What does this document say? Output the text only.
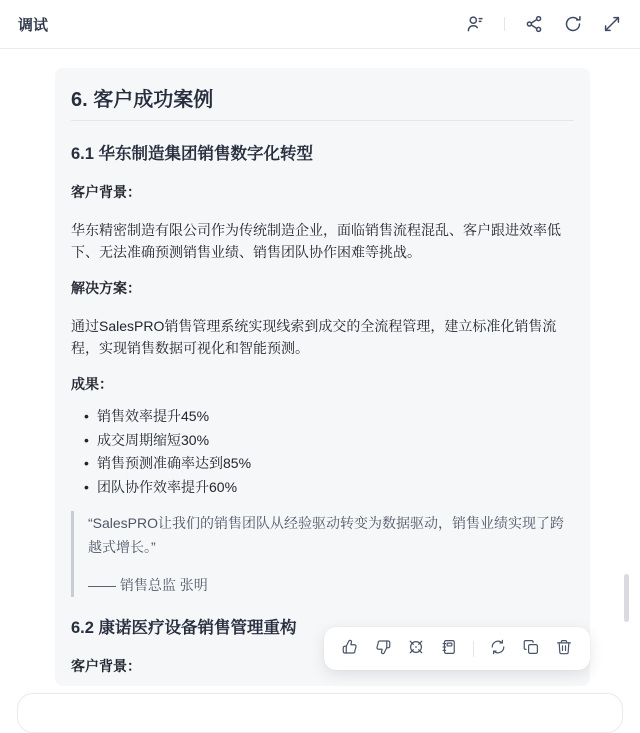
调试
6. 客户成功案例
6.1 华东制造集团销售数字化转型

客户背景：

华东精密制造有限公司作为传统制造企业，面临销售流程混乱、客户跟进效率低下、无法准确预测销售业绩、销售团队协作困难等挑战。

解决方案：

通过SalesPRO销售管理系统实现线索到成交的全流程管理，建立标准化销售流程，实现销售数据可视化和智能预测。

成果：

• 销售效率提升45%
• 成交周期缩短30%
• 销售预测准确率达到85%
• 团队协作效率提升60%

“SalesPRO让我们的销售团队从经验驱动转变为数据驱动，销售业绩实现了跨越式增长。”

—— 销售总监 张明

6.2 康诺医疗设备销售管理重构

客户背景：
